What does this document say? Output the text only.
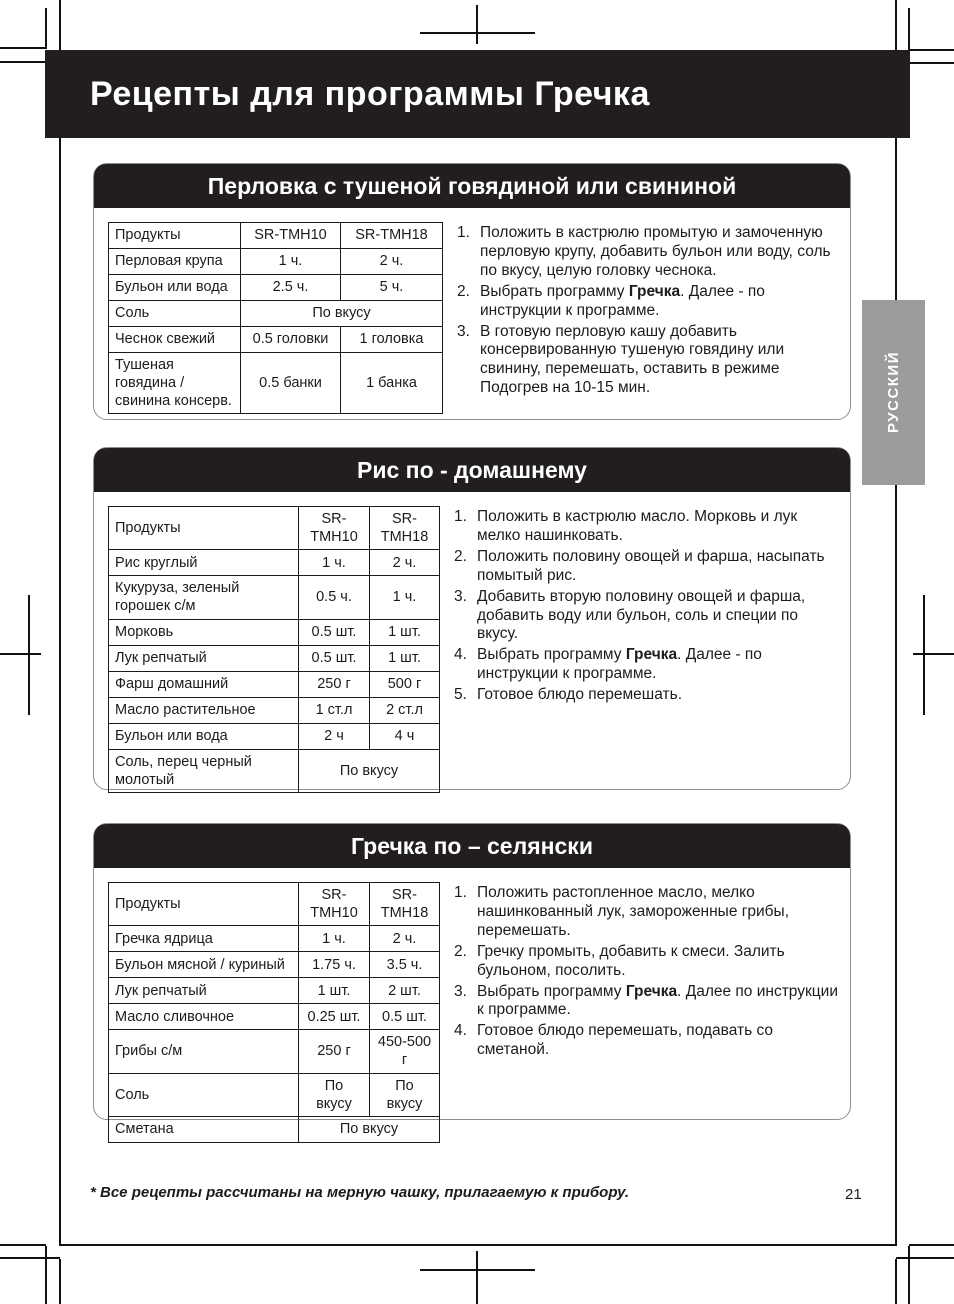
Рецепты для программы Гречка
РУССКИЙ
Перловка с тушеной говядиной или свининой
Продукты	SR-TMH10	SR-TMH18
Перловая крупа	1 ч.	2 ч.
Бульон или вода	2.5 ч.	5 ч.
Соль	По вкусу	
Чеснок свежий	0.5 головки	1 головка
Тушеная говядина / свинина консерв.	0.5 банки	1 банка
1. Положить в кастрюлю промытую и замоченную перловую крупу, добавить бульон или воду, соль по вкусу, целую головку чеснока.
2. Выбрать программу Гречка. Далее - по инструкции к программе.
3. В готовую перловую кашу добавить консервированную тушеную говядину или свинину, перемешать, оставить в режиме Подогрев на 10-15 мин.
Рис по - домашнему
Продукты	SR-TMH10	SR-TMH18
Рис круглый	1 ч.	2 ч.
Кукуруза, зеленый горошек с/м	0.5 ч.	1 ч.
Морковь	0.5 шт.	1 шт.
Лук репчатый	0.5 шт.	1 шт.
Фарш домашний	250 г	500 г
Масло растительное	1 ст.л	2 ст.л
Бульон или вода	2 ч	4 ч
Соль, перец черный молотый	По вкусу	
1. Положить в кастрюлю масло. Морковь и лук мелко нашинковать.
2. Положить половину овощей и фарша, насыпать помытый рис.
3. Добавить вторую половину овощей и фарша, добавить воду или бульон, соль и специи по вкусу.
4. Выбрать программу Гречка. Далее - по инструкции к программе.
5. Готовое блюдо перемешать.
Гречка по – селянски
Продукты	SR-TMH10	SR-TMH18
Гречка ядрица	1 ч.	2 ч.
Бульон мясной / куриный	1.75 ч.	3.5 ч.
Лук репчатый	1 шт.	2 шт.
Масло сливочное	0.25 шт.	0.5 шт.
Грибы с/м	250 г	450-500 г
Соль	По вкусу	По вкусу
Сметана	По вкусу	
1. Положить растопленное масло, мелко нашинкованный лук, замороженные грибы, перемешать.
2. Гречку промыть, добавить к смеси. Залить бульоном, посолить.
3. Выбрать программу Гречка. Далее по инструкции к программе.
4. Готовое блюдо перемешать, подавать со сметаной.
* Все рецепты рассчитаны на мерную чашку, прилагаемую к прибору.	21
